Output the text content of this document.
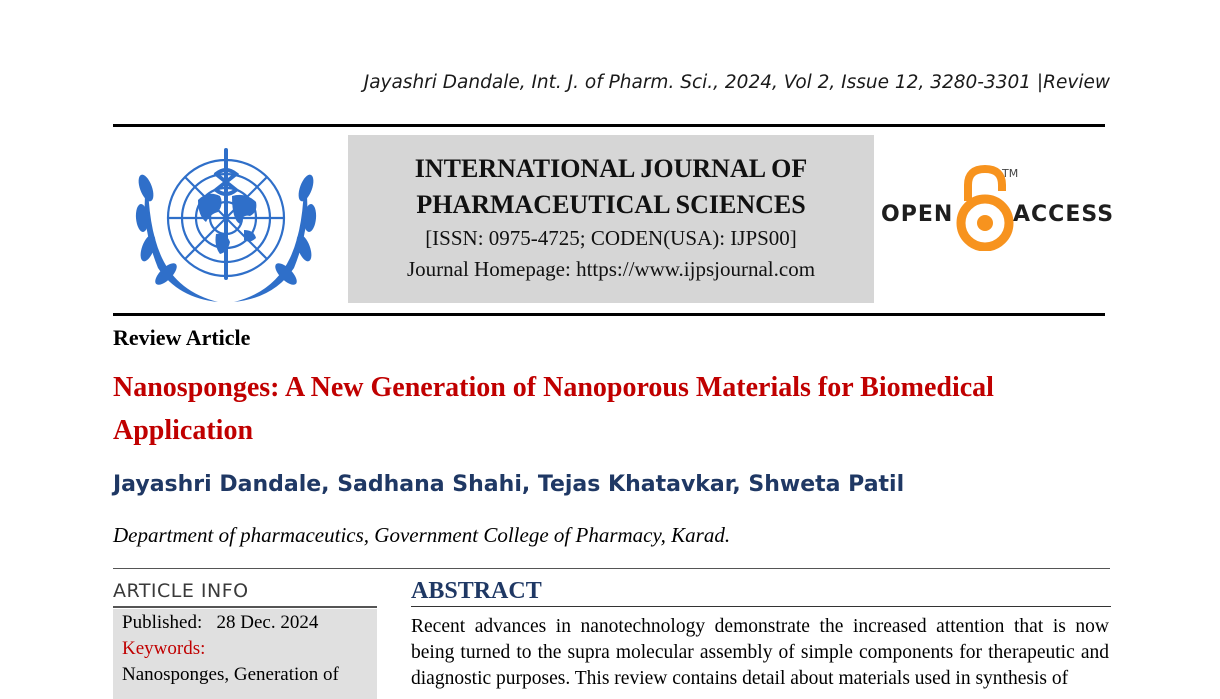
Jayashri Dandale, Int. J. of Pharm. Sci., 2024, Vol 2, Issue 12, 3280-3301 |Review
INTERNATIONAL JOURNAL OF
PHARMACEUTICAL SCIENCES
[ISSN: 0975-4725; CODEN(USA): IJPS00]
Journal Homepage: https://www.ijpsjournal.com
OPEN
TM
ACCESS
Review Article
Nanosponges: A New Generation of Nanoporous Materials for Biomedical Application
Jayashri Dandale, Sadhana Shahi, Tejas Khatavkar, Shweta Patil
Department of pharmaceutics, Government College of Pharmacy, Karad.
ARTICLE INFO
Published: 28 Dec. 2024
Keywords:
Nanosponges, Generation of
ABSTRACT
Recent advances in nanotechnology demonstrate the increased attention that is now being turned to the supra molecular assembly of simple components for therapeutic and diagnostic purposes. This review contains detail about materials used in synthesis of
